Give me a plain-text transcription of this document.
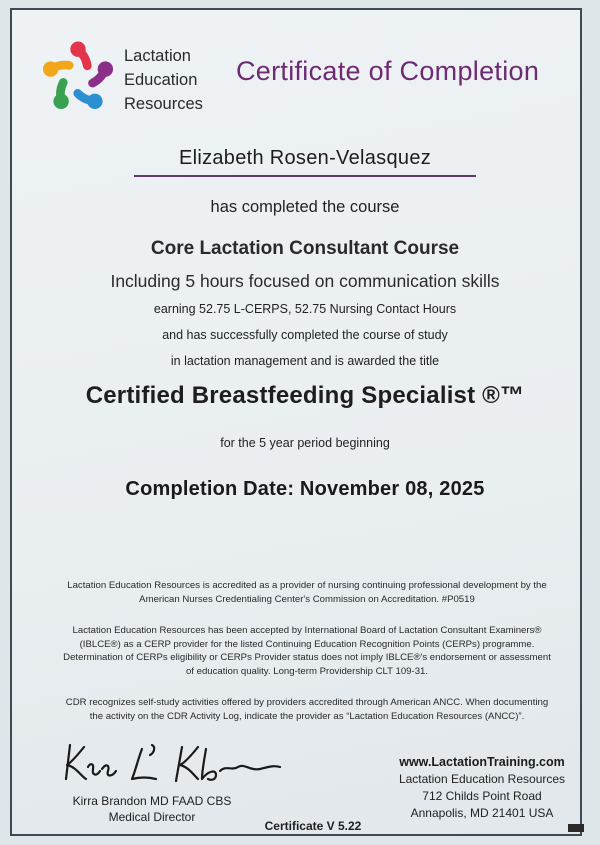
Lactation
Education
Resources
Certificate of Completion
Elizabeth Rosen-Velasquez
has completed the course
Core Lactation Consultant Course
Including 5 hours focused on communication skills
earning 52.75 L-CERPS, 52.75 Nursing Contact Hours
and has successfully completed the course of study
in lactation management and is awarded the title
Certified Breastfeeding Specialist ®™
for the 5 year period beginning
Completion Date: November 08, 2025
Lactation Education Resources is accredited as a provider of nursing continuing professional development by the
American Nurses Credentialing Center's Commission on Accreditation. #P0519
Lactation Education Resources has been accepted by International Board of Lactation Consultant Examiners®
(IBLCE®) as a CERP provider for the listed Continuing Education Recognition Points (CERPs) programme.
Determination of CERPs eligibility or CERPs Provider status does not imply IBLCE®'s endorsement or assessment
of education quality. Long-term Providership CLT 109-31.
CDR recognizes self-study activities offered by providers accredited through American ANCC. When documenting
the activity on the CDR Activity Log, indicate the provider as “Lactation Education Resources (ANCC)”.
Kirra Brandon MD FAAD CBS
Medical Director
www.LactationTraining.com
Lactation Education Resources
712 Childs Point Road
Annapolis, MD 21401 USA
Certificate V 5.22
